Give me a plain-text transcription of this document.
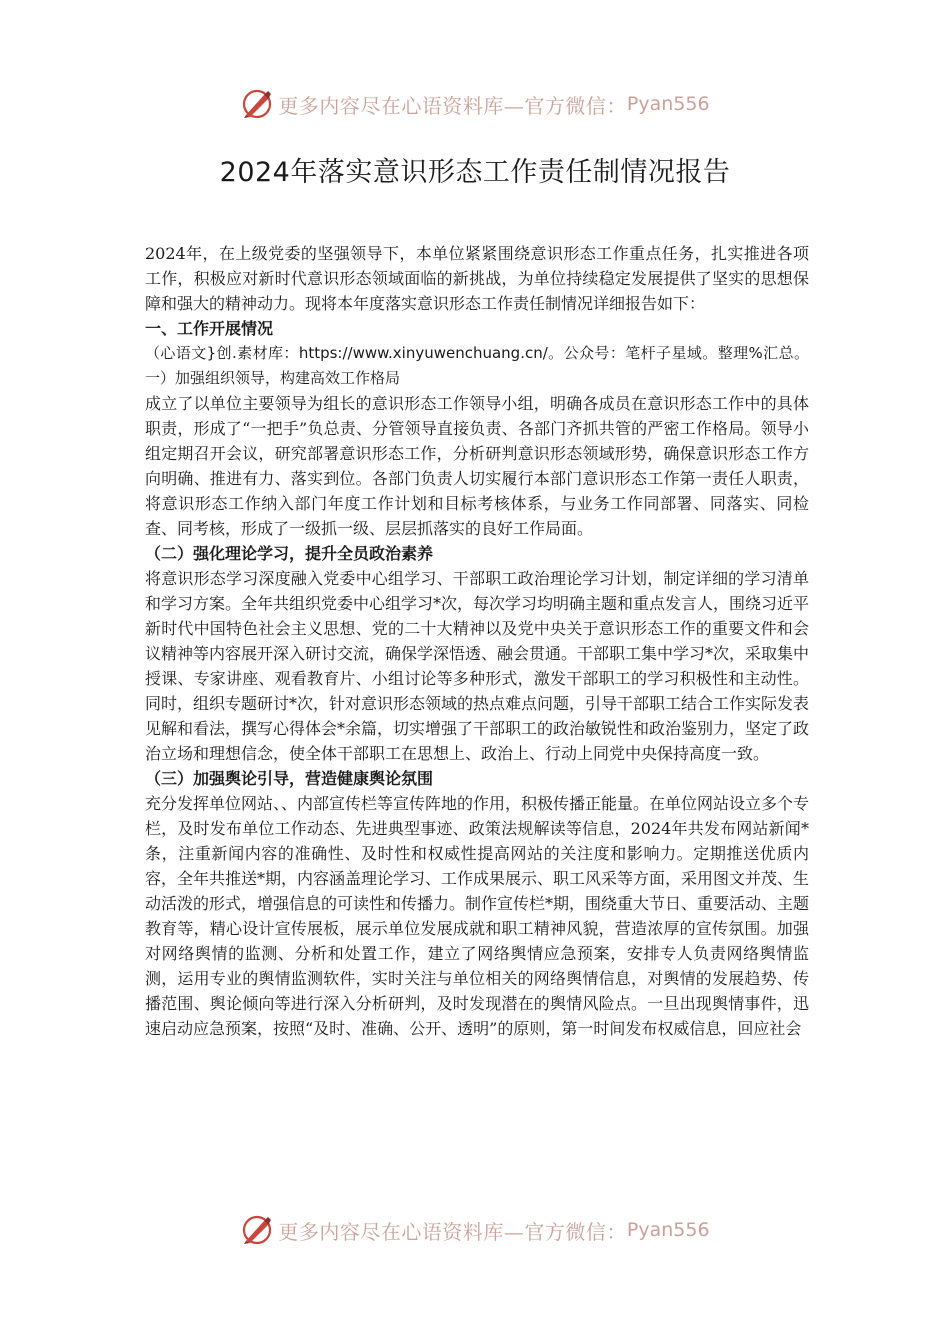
更多内容尽在心语资料库—官方微信： Pyan556
2024年落实意识形态工作责任制情况报告

2024年，在上级党委的坚强领导下，本单位紧紧围绕意识形态工作重点任务，扎实推进各项工作，积极应对新时代意识形态领域面临的新挑战，为单位持续稳定发展提供了坚实的思想保障和强大的精神动力。现将本年度落实意识形态工作责任制情况详细报告如下：

一、工作开展情况

（心语文}创.素材库：https://www.xinyuwenchuang.cn/。公众号：笔杆子星域。整理%汇总。一）加强组织领导，构建高效工作格局

成立了以单位主要领导为组长的意识形态工作领导小组，明确各成员在意识形态工作中的具体职责，形成了“一把手”负总责、分管领导直接负责、各部门齐抓共管的严密工作格局。领导小组定期召开会议，研究部署意识形态工作，分析研判意识形态领域形势，确保意识形态工作方向明确、推进有力、落实到位。各部门负责人切实履行本部门意识形态工作第一责任人职责，将意识形态工作纳入部门年度工作计划和目标考核体系，与业务工作同部署、同落实、同检查、同考核，形成了一级抓一级、层层抓落实的良好工作局面。

（二）强化理论学习，提升全员政治素养

将意识形态学习深度融入党委中心组学习、干部职工政治理论学习计划，制定详细的学习清单和学习方案。全年共组织党委中心组学习*次，每次学习均明确主题和重点发言人，围绕习近平新时代中国特色社会主义思想、党的二十大精神以及党中央关于意识形态工作的重要文件和会议精神等内容展开深入研讨交流，确保学深悟透、融会贯通。干部职工集中学习*次，采取集中授课、专家讲座、观看教育片、小组讨论等多种形式，激发干部职工的学习积极性和主动性。同时，组织专题研讨*次，针对意识形态领域的热点难点问题，引导干部职工结合工作实际发表见解和看法，撰写心得体会*余篇，切实增强了干部职工的政治敏锐性和政治鉴别力，坚定了政治立场和理想信念，使全体干部职工在思想上、政治上、行动上同党中央保持高度一致。

（三）加强舆论引导，营造健康舆论氛围

充分发挥单位网站、、内部宣传栏等宣传阵地的作用，积极传播正能量。在单位网站设立多个专栏，及时发布单位工作动态、先进典型事迹、政策法规解读等信息，2024年共发布网站新闻*条，注重新闻内容的准确性、及时性和权威性提高网站的关注度和影响力。定期推送优质内容，全年共推送*期，内容涵盖理论学习、工作成果展示、职工风采等方面，采用图文并茂、生动活泼的形式，增强信息的可读性和传播力。制作宣传栏*期，围绕重大节日、重要活动、主题教育等，精心设计宣传展板，展示单位发展成就和职工精神风貌，营造浓厚的宣传氛围。加强对网络舆情的监测、分析和处置工作，建立了网络舆情应急预案，安排专人负责网络舆情监测，运用专业的舆情监测软件，实时关注与单位相关的网络舆情信息，对舆情的发展趋势、传播范围、舆论倾向等进行深入分析研判，及时发现潜在的舆情风险点。一旦出现舆情事件，迅速启动应急预案，按照“及时、准确、公开、透明”的原则，第一时间发布权威信息，回应社会

更多内容尽在心语资料库—官方微信： Pyan556
